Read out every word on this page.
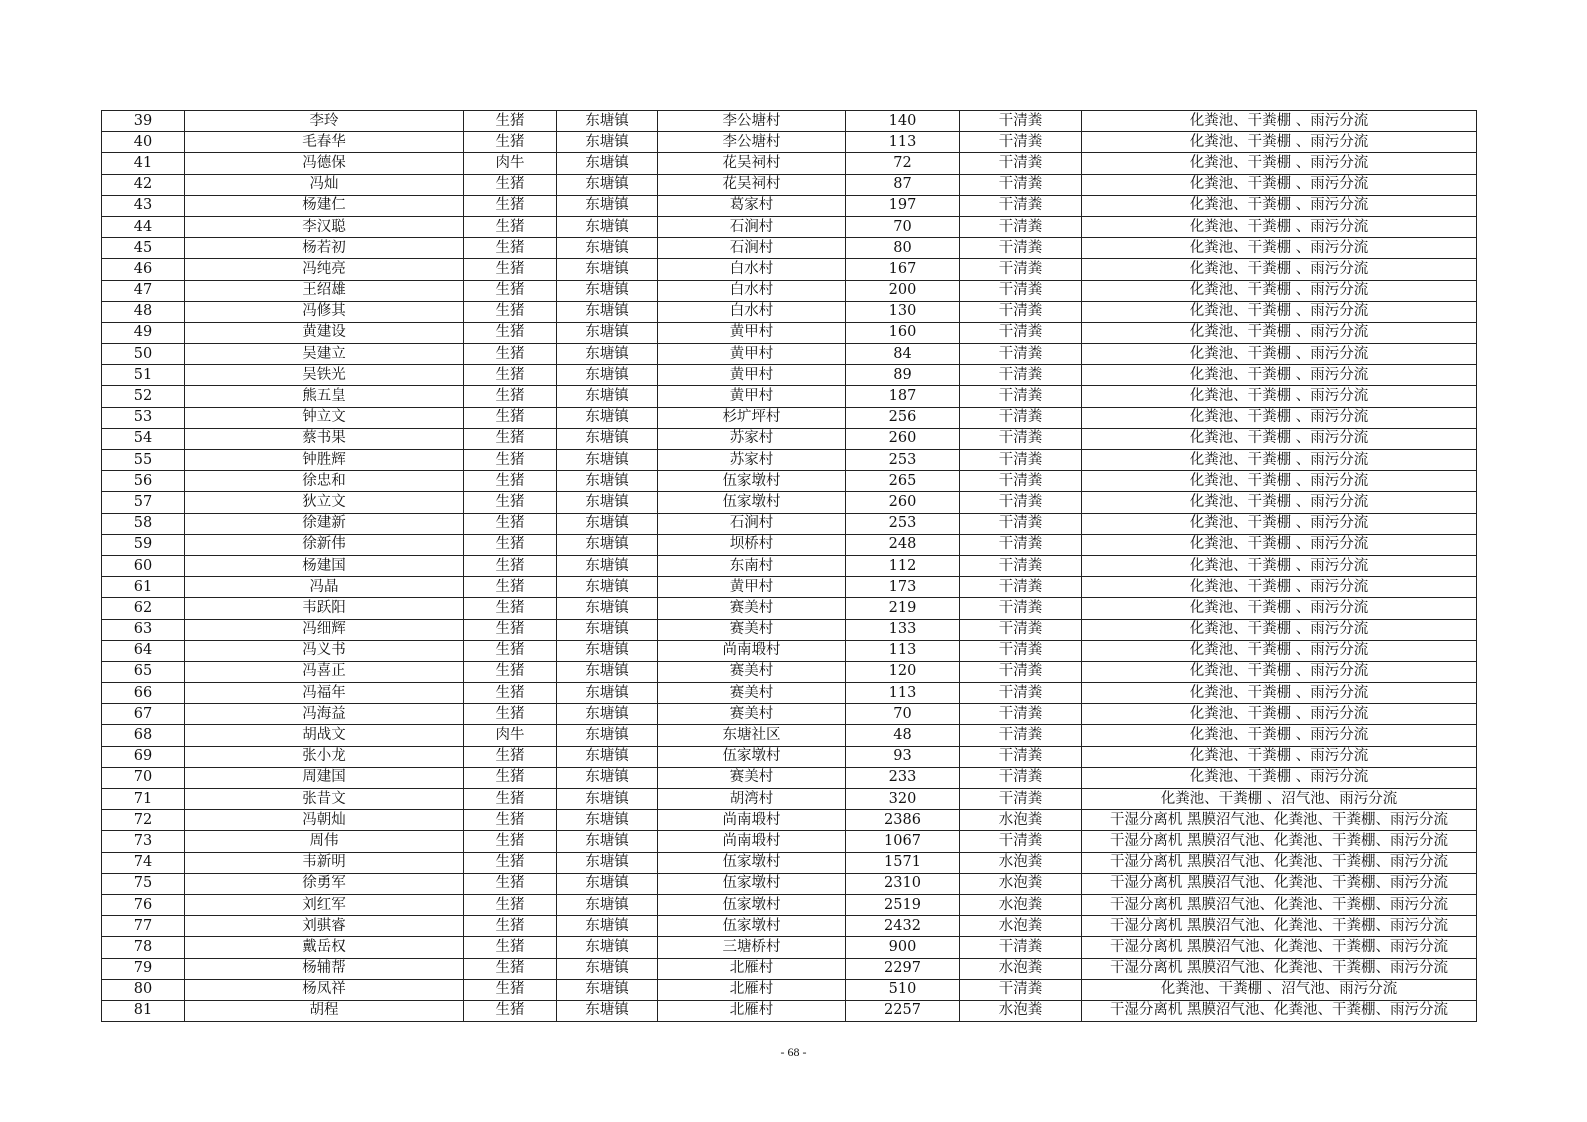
39	李玲	生猪	东塘镇	李公塘村	140	干清粪	化粪池、干粪棚 、雨污分流
40	毛春华	生猪	东塘镇	李公塘村	113	干清粪	化粪池、干粪棚 、雨污分流
41	冯德保	肉牛	东塘镇	花吴祠村	72	干清粪	化粪池、干粪棚 、雨污分流
42	冯灿	生猪	东塘镇	花吴祠村	87	干清粪	化粪池、干粪棚 、雨污分流
43	杨建仁	生猪	东塘镇	葛家村	197	干清粪	化粪池、干粪棚 、雨污分流
44	李汉聪	生猪	东塘镇	石涧村	70	干清粪	化粪池、干粪棚 、雨污分流
45	杨若初	生猪	东塘镇	石涧村	80	干清粪	化粪池、干粪棚 、雨污分流
46	冯纯亮	生猪	东塘镇	白水村	167	干清粪	化粪池、干粪棚 、雨污分流
47	王绍雄	生猪	东塘镇	白水村	200	干清粪	化粪池、干粪棚 、雨污分流
48	冯修其	生猪	东塘镇	白水村	130	干清粪	化粪池、干粪棚 、雨污分流
49	黄建设	生猪	东塘镇	黄甲村	160	干清粪	化粪池、干粪棚 、雨污分流
50	吴建立	生猪	东塘镇	黄甲村	84	干清粪	化粪池、干粪棚 、雨污分流
51	吴铁光	生猪	东塘镇	黄甲村	89	干清粪	化粪池、干粪棚 、雨污分流
52	熊五皇	生猪	东塘镇	黄甲村	187	干清粪	化粪池、干粪棚 、雨污分流
53	钟立文	生猪	东塘镇	杉圹坪村	256	干清粪	化粪池、干粪棚 、雨污分流
54	蔡书果	生猪	东塘镇	苏家村	260	干清粪	化粪池、干粪棚 、雨污分流
55	钟胜辉	生猪	东塘镇	苏家村	253	干清粪	化粪池、干粪棚 、雨污分流
56	徐忠和	生猪	东塘镇	伍家墩村	265	干清粪	化粪池、干粪棚 、雨污分流
57	狄立文	生猪	东塘镇	伍家墩村	260	干清粪	化粪池、干粪棚 、雨污分流
58	徐建新	生猪	东塘镇	石涧村	253	干清粪	化粪池、干粪棚 、雨污分流
59	徐新伟	生猪	东塘镇	坝桥村	248	干清粪	化粪池、干粪棚 、雨污分流
60	杨建国	生猪	东塘镇	东南村	112	干清粪	化粪池、干粪棚 、雨污分流
61	冯晶	生猪	东塘镇	黄甲村	173	干清粪	化粪池、干粪棚 、雨污分流
62	韦跃阳	生猪	东塘镇	赛美村	219	干清粪	化粪池、干粪棚 、雨污分流
63	冯细辉	生猪	东塘镇	赛美村	133	干清粪	化粪池、干粪棚 、雨污分流
64	冯义书	生猪	东塘镇	尚南塅村	113	干清粪	化粪池、干粪棚 、雨污分流
65	冯喜正	生猪	东塘镇	赛美村	120	干清粪	化粪池、干粪棚 、雨污分流
66	冯福年	生猪	东塘镇	赛美村	113	干清粪	化粪池、干粪棚 、雨污分流
67	冯海益	生猪	东塘镇	赛美村	70	干清粪	化粪池、干粪棚 、雨污分流
68	胡战文	肉牛	东塘镇	东塘社区	48	干清粪	化粪池、干粪棚 、雨污分流
69	张小龙	生猪	东塘镇	伍家墩村	93	干清粪	化粪池、干粪棚 、雨污分流
70	周建国	生猪	东塘镇	赛美村	233	干清粪	化粪池、干粪棚 、雨污分流
71	张昔文	生猪	东塘镇	胡湾村	320	干清粪	化粪池、干粪棚 、沼气池、雨污分流
72	冯朝灿	生猪	东塘镇	尚南塅村	2386	水泡粪	干湿分离机 黑膜沼气池、化粪池、干粪棚、雨污分流
73	周伟	生猪	东塘镇	尚南塅村	1067	干清粪	干湿分离机 黑膜沼气池、化粪池、干粪棚、雨污分流
74	韦新明	生猪	东塘镇	伍家墩村	1571	水泡粪	干湿分离机 黑膜沼气池、化粪池、干粪棚、雨污分流
75	徐勇军	生猪	东塘镇	伍家墩村	2310	水泡粪	干湿分离机 黑膜沼气池、化粪池、干粪棚、雨污分流
76	刘红军	生猪	东塘镇	伍家墩村	2519	水泡粪	干湿分离机 黑膜沼气池、化粪池、干粪棚、雨污分流
77	刘骐睿	生猪	东塘镇	伍家墩村	2432	水泡粪	干湿分离机 黑膜沼气池、化粪池、干粪棚、雨污分流
78	戴岳权	生猪	东塘镇	三塘桥村	900	干清粪	干湿分离机 黑膜沼气池、化粪池、干粪棚、雨污分流
79	杨辅帮	生猪	东塘镇	北雁村	2297	水泡粪	干湿分离机 黑膜沼气池、化粪池、干粪棚、雨污分流
80	杨凤祥	生猪	东塘镇	北雁村	510	干清粪	化粪池、干粪棚 、沼气池、雨污分流
81	胡程	生猪	东塘镇	北雁村	2257	水泡粪	干湿分离机 黑膜沼气池、化粪池、干粪棚、雨污分流
- 68 -
